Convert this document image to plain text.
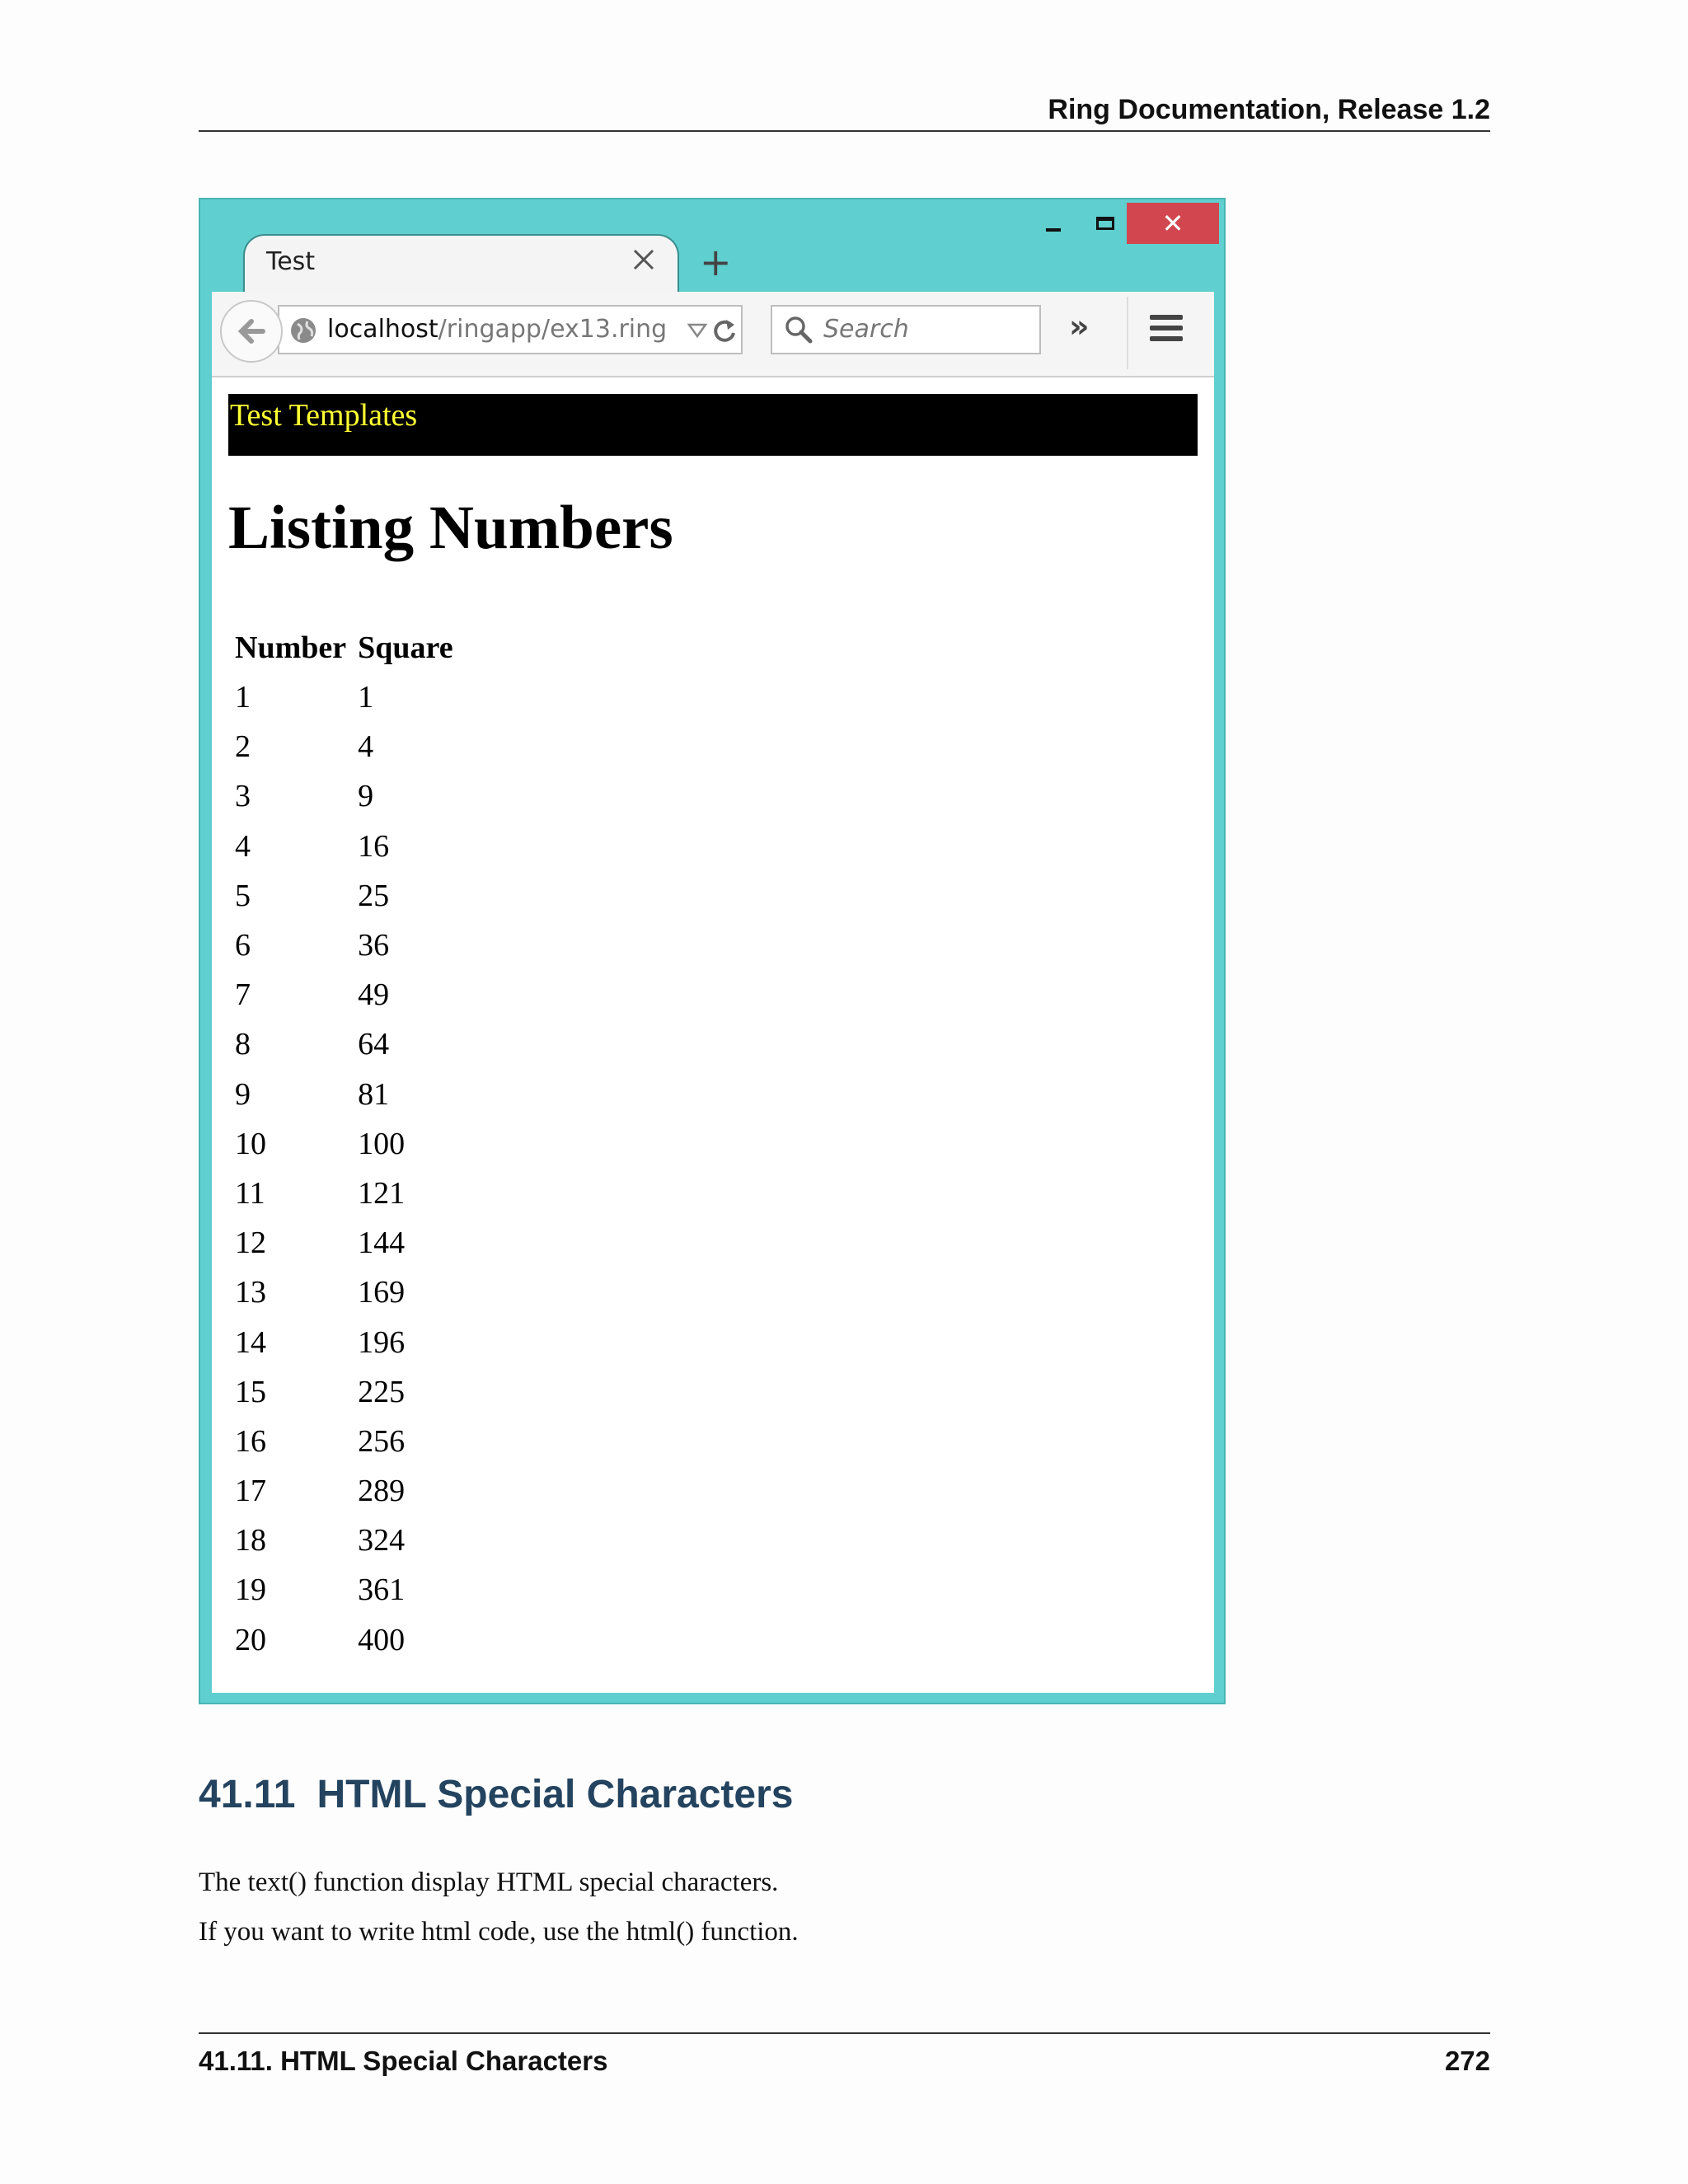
Ring Documentation, Release 1.2
✕
Test	+
localhost/ringapp/ex13.ring	Search	»
Test Templates
Listing Numbers
Number	Square
1	1
2	4
3	9
4	16
5	25
6	36
7	49
8	64
9	81
10	100
11	121
12	144
13	169
14	196
15	225
16	256
17	289
18	324
19	361
20	400
41.11 HTML Special Characters

The text() function display HTML special characters.

If you want to write html code, use the html() function.

41.11. HTML Special Characters	272
